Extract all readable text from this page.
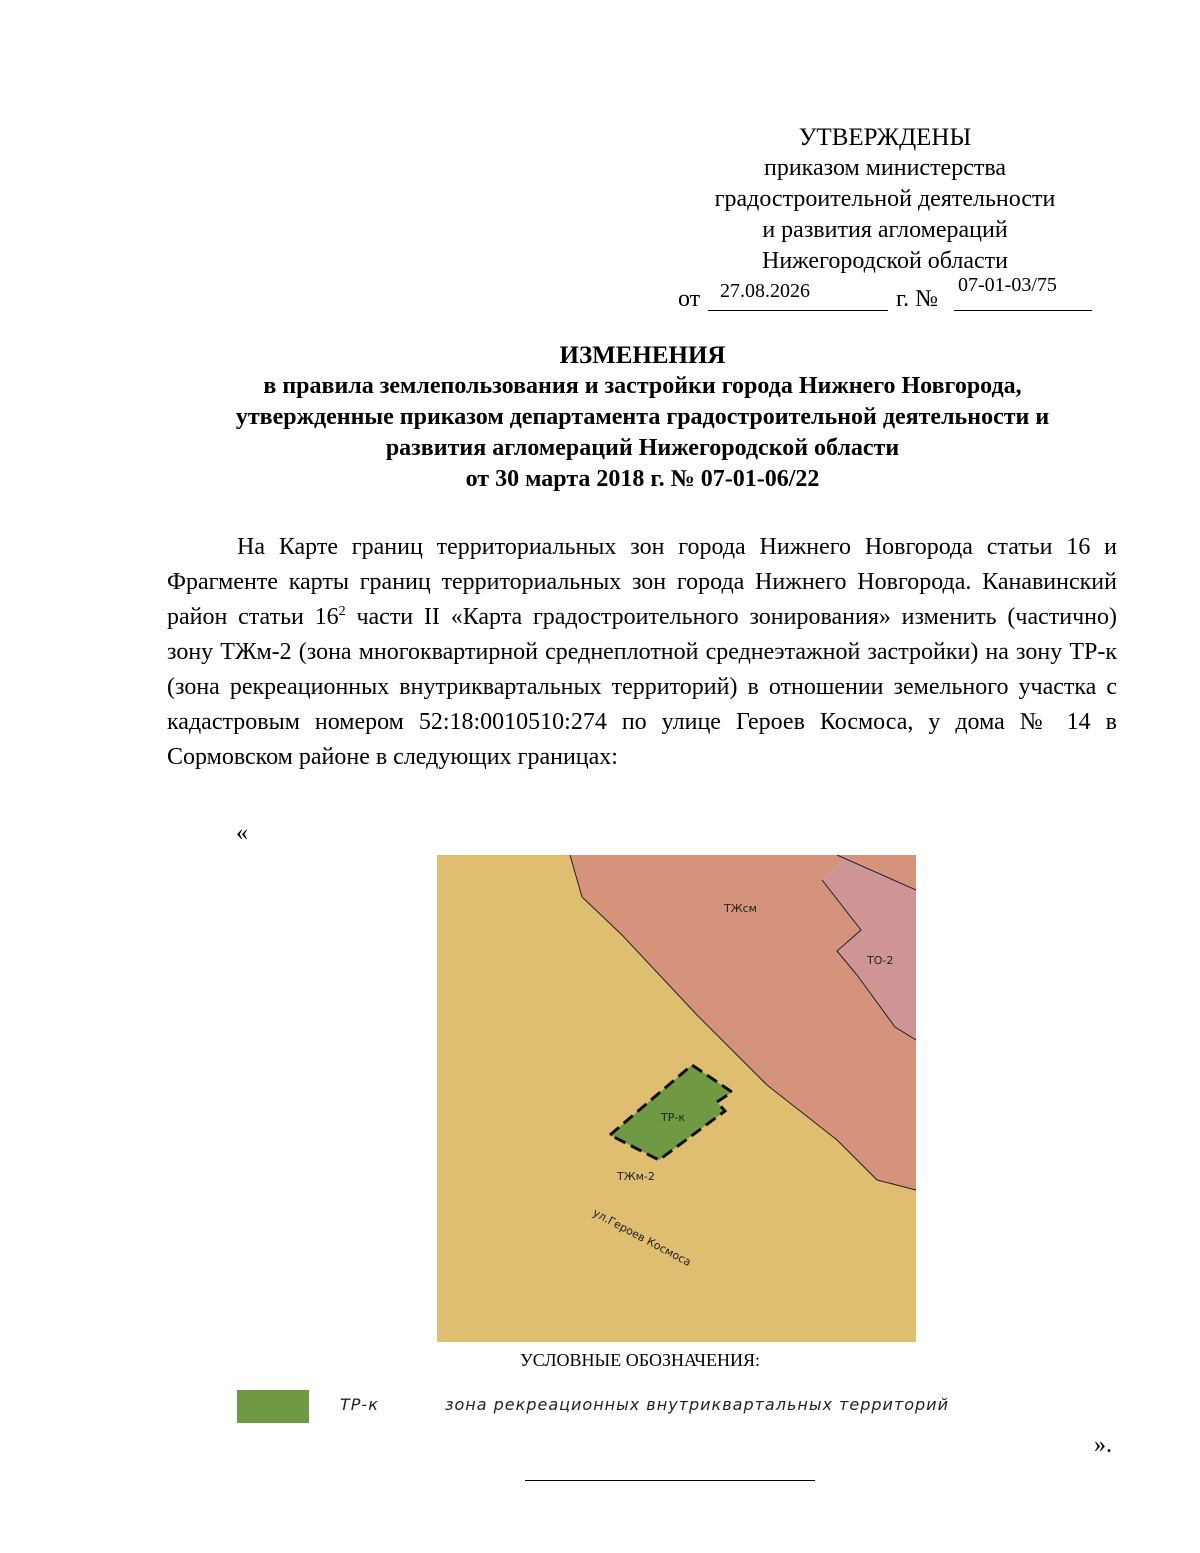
УТВЕРЖДЕНЫ
приказом министерства
градостроительной деятельности
и развития агломераций
Нижегородской области
от 27.08.2026	г. №
07-01-03/75
ИЗМЕНЕНИЯ
в правила землепользования и застройки города Нижнего Новгорода,
утвержденные приказом департамента градостроительной деятельности и
развития агломераций Нижегородской области
от 30 марта 2018 г. № 07-01-06/22

На Карте границ территориальных зон города Нижнего Новгорода статьи 16 и Фрагменте карты границ территориальных зон города Нижнего Новгорода. Канавинский район статьи $16^2$ части II «Карта градостроительного зонирования» изменить (частично) зону ТЖм-2 (зона многоквартирной среднеплотной среднеэтажной застройки) на зону ТР-к (зона рекреационных внутриквартальных территорий) в отношении земельного участка с кадастровым номером 52:18:0010510:274 по улице Героев Космоса, у дома № 14 в Сормовском районе в следующих границах:

«
ТЖсм
ТО-2
ТР-к
ТЖм-2
ул.Героев Космоса
УСЛОВНЫЕ ОБОЗНАЧЕНИЯ:
ТР-к	зона рекреационных внутриквартальных территорий
».
